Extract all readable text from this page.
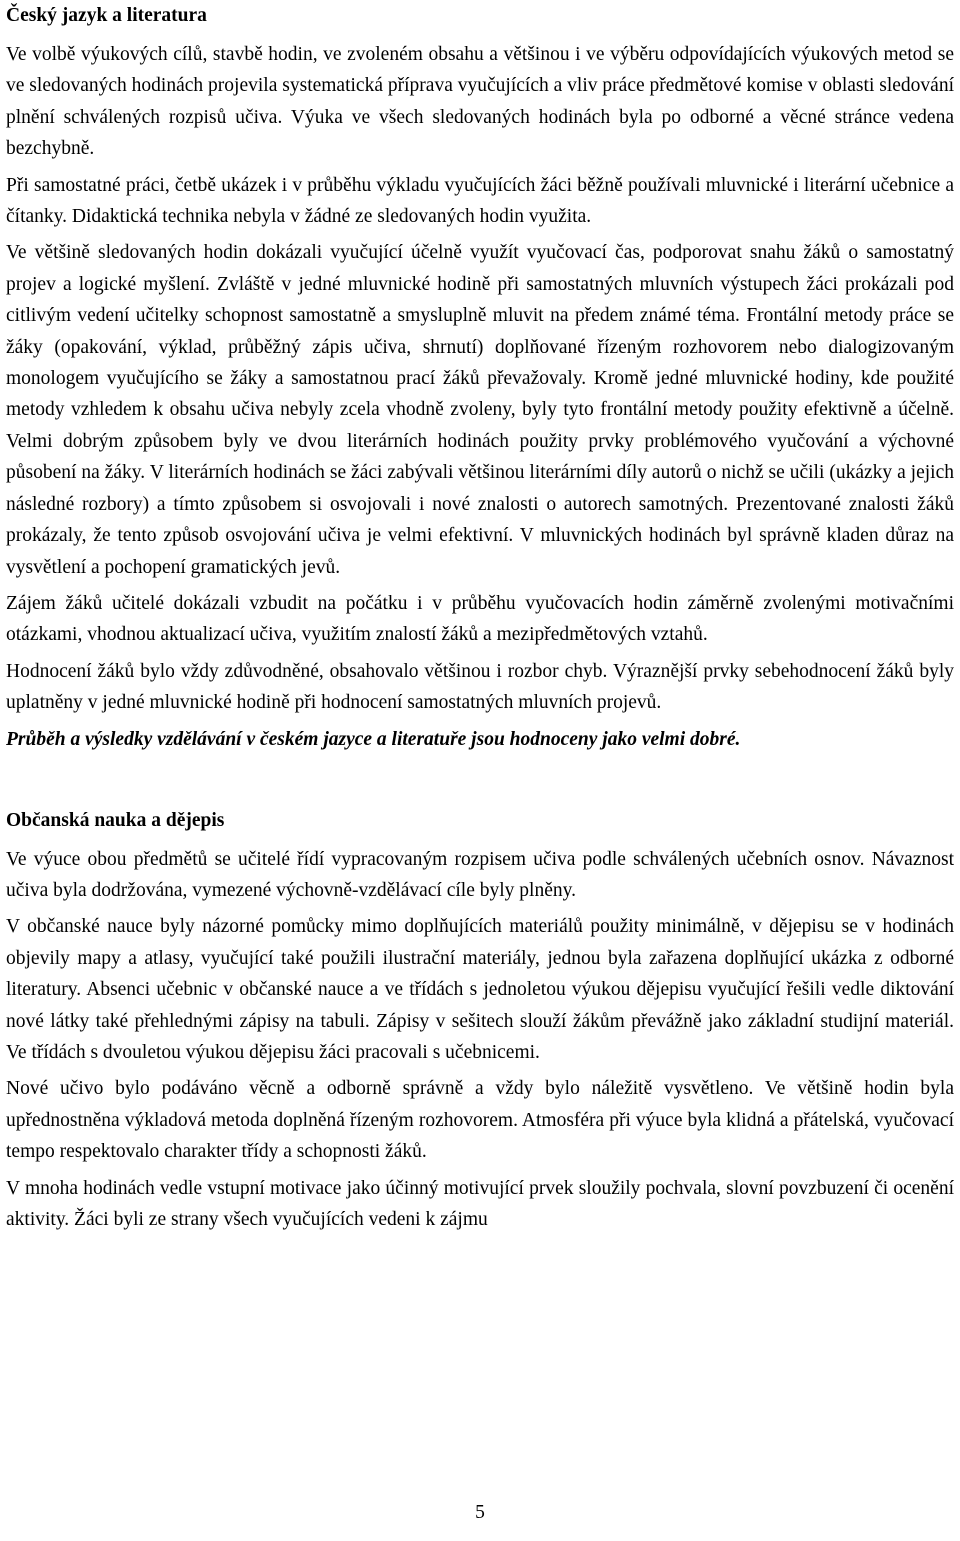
Český jazyk a literatura

Ve volbě výukových cílů, stavbě hodin, ve zvoleném obsahu a většinou i ve výběru odpovídajících výukových metod se ve sledovaných hodinách projevila systematická příprava vyučujících a vliv práce předmětové komise v oblasti sledování plnění schválených rozpisů učiva. Výuka ve všech sledovaných hodinách byla po odborné a věcné stránce vedena bezchybně.

Při samostatné práci, četbě ukázek i v průběhu výkladu vyučujících žáci běžně používali mluvnické i literární učebnice a čítanky. Didaktická technika nebyla v žádné ze sledovaných hodin využita.

Ve většině sledovaných hodin dokázali vyučující účelně využít vyučovací čas, podporovat snahu žáků o samostatný projev a logické myšlení. Zvláště v jedné mluvnické hodině při samostatných mluvních výstupech žáci prokázali pod citlivým vedení učitelky schopnost samostatně a smysluplně mluvit na předem známé téma. Frontální metody práce se žáky (opakování, výklad, průběžný zápis učiva, shrnutí) doplňované řízeným rozhovorem nebo dialogizovaným monologem vyučujícího se žáky a samostatnou prací žáků převažovaly. Kromě jedné mluvnické hodiny, kde použité metody vzhledem k obsahu učiva nebyly zcela vhodně zvoleny, byly tyto frontální metody použity efektivně a účelně. Velmi dobrým způsobem byly ve dvou literárních hodinách použity prvky problémového vyučování a výchovné působení na žáky. V literárních hodinách se žáci zabývali většinou literárními díly autorů o nichž se učili (ukázky a jejich následné rozbory) a tímto způsobem si osvojovali i nové znalosti o autorech samotných. Prezentované znalosti žáků prokázaly, že tento způsob osvojování učiva je velmi efektivní. V mluvnických hodinách byl správně kladen důraz na vysvětlení a pochopení gramatických jevů.

Zájem žáků učitelé dokázali vzbudit na počátku i v průběhu vyučovacích hodin záměrně zvolenými motivačními otázkami, vhodnou aktualizací učiva, využitím znalostí žáků a mezipředmětových vztahů.

Hodnocení žáků bylo vždy zdůvodněné, obsahovalo většinou i rozbor chyb. Výraznější prvky sebehodnocení žáků byly uplatněny v jedné mluvnické hodině při hodnocení samostatných mluvních projevů.

Průběh a výsledky vzdělávání v českém jazyce a literatuře jsou hodnoceny jako velmi dobré.

Občanská nauka a dějepis

Ve výuce obou předmětů se učitelé řídí vypracovaným rozpisem učiva podle schválených učebních osnov. Návaznost učiva byla dodržována, vymezené výchovně-vzdělávací cíle byly plněny.

V občanské nauce byly názorné pomůcky mimo doplňujících materiálů použity minimálně, v dějepisu se v hodinách objevily mapy a atlasy, vyučující také použili ilustrační materiály, jednou byla zařazena doplňující ukázka z odborné literatury. Absenci učebnic v občanské nauce a ve třídách s jednoletou výukou dějepisu vyučující řešili vedle diktování nové látky také přehlednými zápisy na tabuli. Zápisy v sešitech slouží žákům převážně jako základní studijní materiál. Ve třídách s dvouletou výukou dějepisu žáci pracovali s učebnicemi.

Nové učivo bylo podáváno věcně a odborně správně a vždy bylo náležitě vysvětleno. Ve většině hodin byla upřednostněna výkladová metoda doplněná řízeným rozhovorem. Atmosféra při výuce byla klidná a přátelská, vyučovací tempo respektovalo charakter třídy a schopnosti žáků.

V mnoha hodinách vedle vstupní motivace jako účinný motivující prvek sloužily pochvala, slovní povzbuzení či ocenění aktivity. Žáci byli ze strany všech vyučujících vedeni k zájmu

5
